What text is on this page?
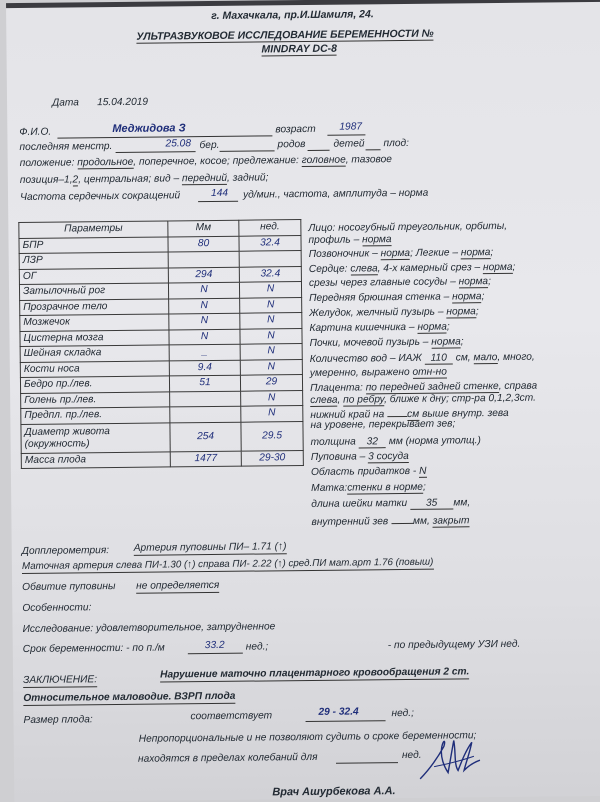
г. Махачкала, пр.И.Шамиля, 24.
УЛЬТРАЗВУКОВОЕ ИССЛЕДОВАНИЕ БЕРЕМЕННОСТИ №
MINDRAY DC-8
Дата 15.04.2019
Ф.И.О.	Меджидова З	возраст 1987
последняя менстр.	25.08 бер.	родов	детей плод:
положение: продольное, поперечное, косое; предлежание: головное, тазовое
позиция–1,2, центральная; вид – передний, задний;
Частота сердечных сокращений	144 уд/мин., частота, амплитуда – норма
Параметры	Мм	нед.
БПР	80	32.4
ЛЗР		
ОГ	294	32.4
Затылочный рог	N	N
Прозрачное тело	N	N
Мозжечок	N	N
Цистерна мозга	N	N
Шейная складка	_	N
Кости носа	9.4	N
Бедро пр./лев.	51	29
Голень пр./лев.		N
Предпл. пр./лев.		N
Диаметр живота
(окружность)	254	29.5
Масса плода	1477	29-30
Лицо: носогубный треугольник, орбиты,
профиль – норма
Позвоночник – норма; Легкие – норма;
Сердце: слева, 4-х камерный срез – норма;
срезы через главные сосуды – норма;
Передняя брюшная стенка – норма;
Желудок, желчный пузырь – норма;
Картина кишечника – норма;
Почки, мочевой пузырь – норма;
Количество вод – ИАЖ 110 см, мало, много,
умеренно, выражено отн-но
Плацента: по передней задней стенке, справа
слева, по ребру, ближе к дну; стр-ра 0,1,2,3ст.
нижний край на см выше внутр. зева
на уровене, перекрывает зев;
толщина 32 мм (норма утолщ.)
Пуповина – 3 сосуда
Область придатков - N
Матка:стенки в норме;
длина шейки матки 35 мм,
внутренний зев мм, закрыт
Допплерометрия: Артерия пуповины ПИ– 1.71 (↑)
Маточная артерия слева ПИ-1.30 (↑) справа ПИ- 2.22 (↑) сред.ПИ мат.арт 1.76 (повыш)
Обвитие пуповины не определяется
Особенности:
Исследование: удовлетворительное, затрудненное
Срок беременности: - по п./м	33.2 нед.;	- по предыдущему УЗИ нед.
ЗАКЛЮЧЕНИЕ:	Нарушение маточно плацентарного кровообращения 2 ст.
Относительное маловодие. ВЗРП плода
Размер плода:	соответствует	29 - 32.4	нед.;
Непропорциональные и не позволяют судить о сроке беременности;
находятся в пределах колебаний для	нед.
Врач Ашурбекова А.А.
